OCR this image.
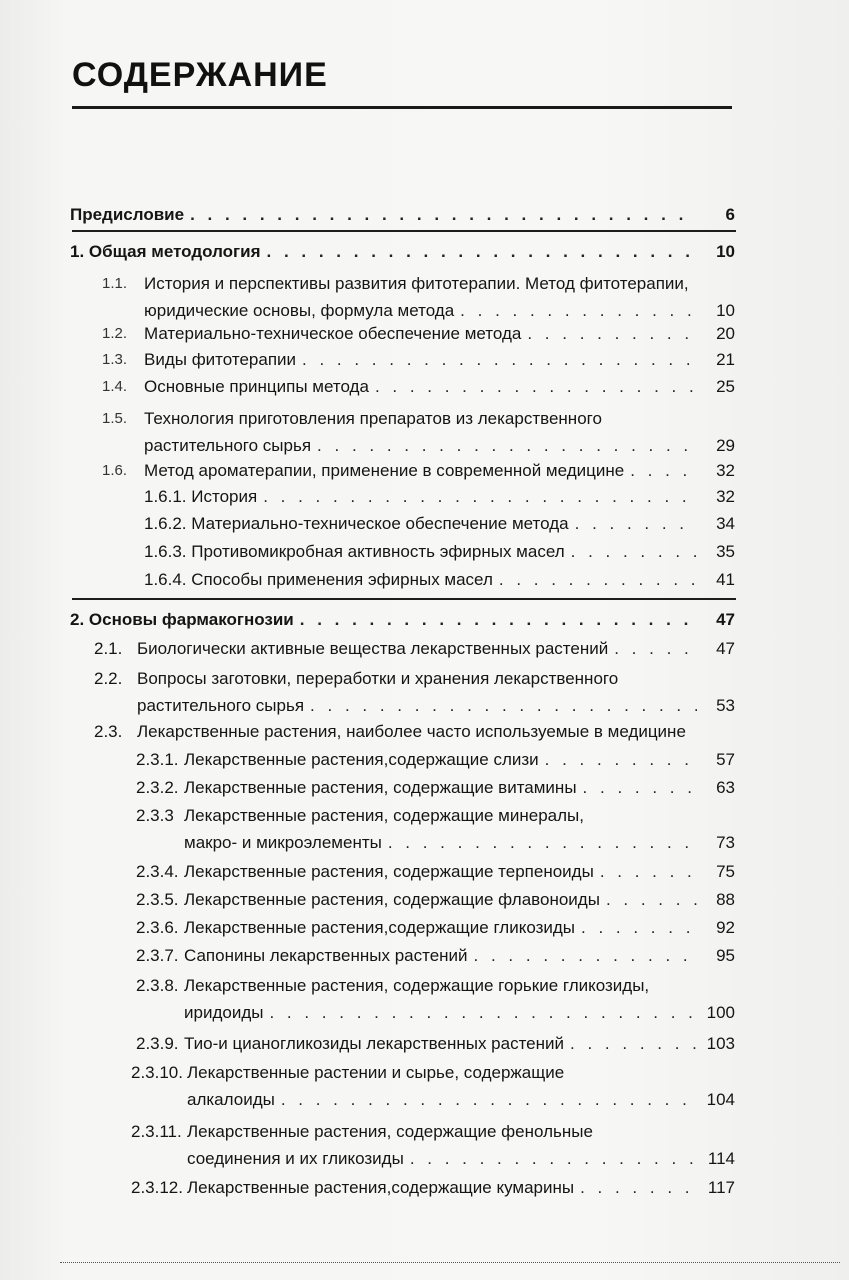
СОДЕРЖАНИЕ
Предисловие . . .	6
1. Общая методология . . .	10
1.1. История и перспективы развития фитотерапии. Метод фитотерапии,
юридические основы, формула метода . . .	10
1.2. Материально-техническое обеспечение метода . . .	20
1.3. Виды фитотерапии . . .	21
1.4. Основные принципы метода . . .	25
1.5. Технология приготовления препаратов из лекарственного
растительного сырья . . .	29
1.6. Метод ароматерапии, применение в современной медицине . . .	32
1.6.1. История . . .	32
1.6.2. Материально-техническое обеспечение метода . . .	34
1.6.3. Противомикробная активность эфирных масел . . .	35
1.6.4. Способы применения эфирных масел . . .	41
2. Основы фармакогнозии . . .	47
2.1. Биологически активные вещества лекарственных растений . . .	47
2.2. Вопросы заготовки, переработки и хранения лекарственного
растительного сырья . . .	53
2.3. Лекарственные растения, наиболее часто используемые в медицине
2.3.1. Лекарственные растения,содержащие слизи . . .	57
2.3.2. Лекарственные растения, содержащие витамины . . .	63
2.3.3 Лекарственные растения, содержащие минералы,
макро- и микроэлементы . . .	73
2.3.4. Лекарственные растения, содержащие терпеноиды . . .	75
2.3.5. Лекарственные растения, содержащие флавоноиды . . .	88
2.3.6. Лекарственные растения,содержащие гликозиды . . .	92
2.3.7. Сапонины лекарственных растений . . .	95
2.3.8. Лекарственные растения, содержащие горькие гликозиды,
иридоиды . . .	100
2.3.9. Тио-и цианогликозиды лекарственных растений . . .	103
2.3.10. Лекарственные растении и сырье, содержащие
алкалоиды . . .	104
2.3.11. Лекарственные растения, содержащие фенольные
соединения и их гликозиды . . .	114
2.3.12. Лекарственные растения,содержащие кумарины . . .	117
